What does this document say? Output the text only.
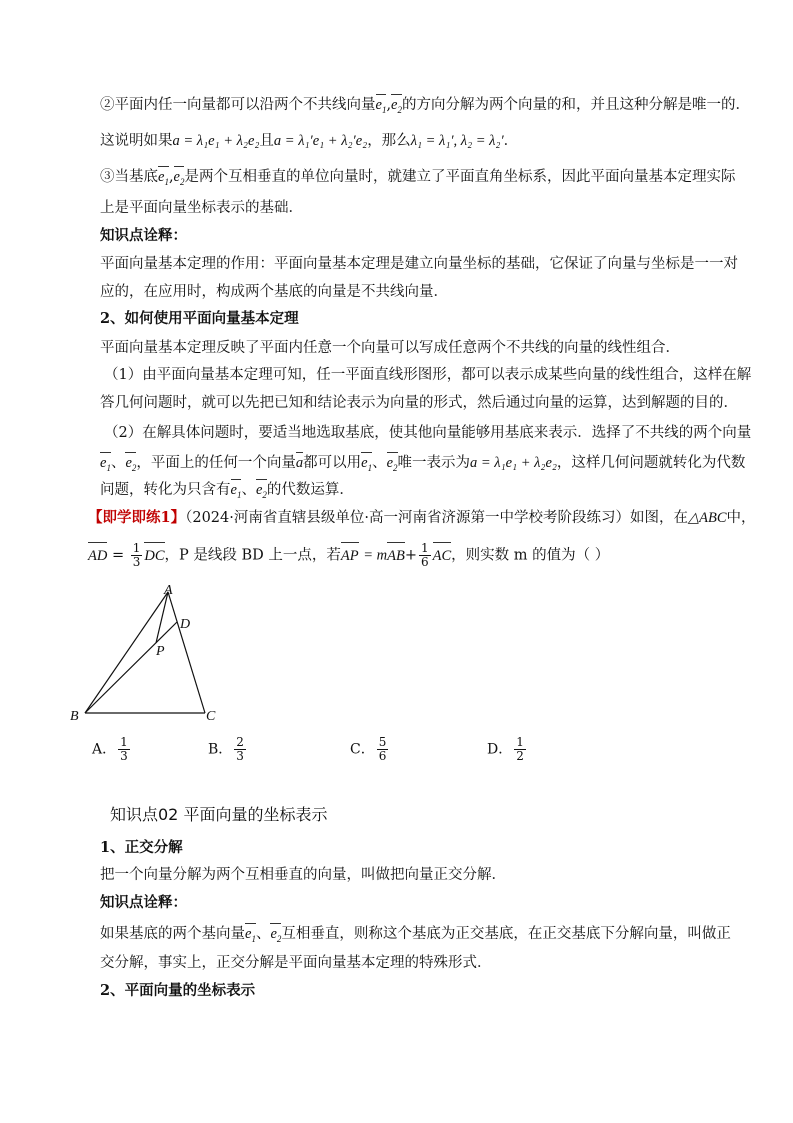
②平面内任一向量都可以沿两个不共线向量$e_1,e_2$的方向分解为两个向量的和，并且这种分解是唯一的．
这说明如果a = λ₁e₁ + λ₂e₂且a = λ₁′e₁ + λ₂′e₂，那么λ₁ = λ₁′, λ₂ = λ₂′．
③当基底$e_1,e_2$是两个互相垂直的单位向量时，就建立了平面直角坐标系，因此平面向量基本定理实际
上是平面向量坐标表示的基础．
知识点诠释：
平面向量基本定理的作用：平面向量基本定理是建立向量坐标的基础，它保证了向量与坐标是一一对
应的，在应用时，构成两个基底的向量是不共线向量．
2、如何使用平面向量基本定理
平面向量基本定理反映了平面内任意一个向量可以写成任意两个不共线的向量的线性组合．
（1）由平面向量基本定理可知，任一平面直线形图形，都可以表示成某些向量的线性组合，这样在解
答几何问题时，就可以先把已知和结论表示为向量的形式，然后通过向量的运算，达到解题的目的．
（2）在解具体问题时，要适当地选取基底，使其他向量能够用基底来表示．选择了不共线的两个向量
$e_1$、$e_2$，平面上的任何一个向量a都可以用$e_1$、$e_2$唯一表示为a = λ₁e₁ + λ₂e₂，这样几何问题就转化为代数
问题，转化为只含有$e_1$、$e_2$的代数运算．
【即学即练1】（2024·河南省直辖县级单位·高一河南省济源第一中学校考阶段练习）如图，在△ABC中，
AD = $\frac{1}{3}$ DC，P 是线段 BD 上一点，若AP = $mAB+ \frac{1}{6}$ AC，则实数 m 的值为（ ）
A
B	C
D
P
A． $\frac{1}{3}$	B． $\frac{2}{3}$	C． $\frac{5}{6}$	D． $\frac{1}{2}$
知识点02 平面向量的坐标表示
1、正交分解
把一个向量分解为两个互相垂直的向量，叫做把向量正交分解．
知识点诠释：
如果基底的两个基向量$e_1$、$e_2$互相垂直，则称这个基底为正交基底，在正交基底下分解向量，叫做正
交分解，事实上，正交分解是平面向量基本定理的特殊形式．
2、平面向量的坐标表示
